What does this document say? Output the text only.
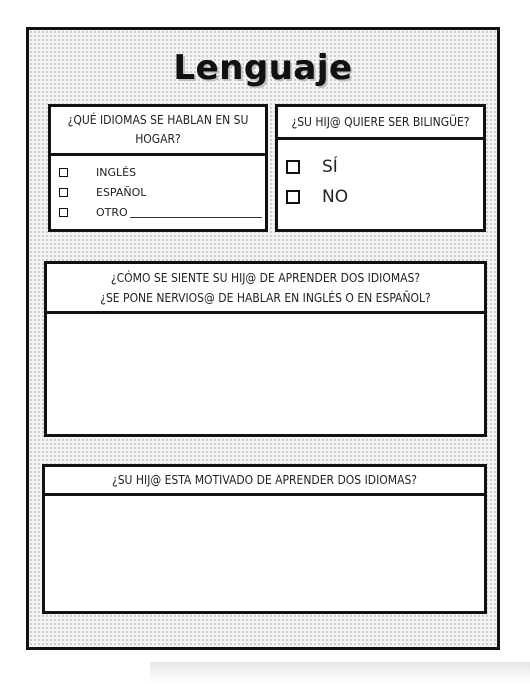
Lenguaje
¿QUÉ IDIOMAS SE HABLAN EN SU
HOGAR?
INGLÉS
ESPAÑOL
OTRO
¿SU HIJ@ QUIERE SER BILINGÜE?
SÍ
NO
¿CÓMO SE SIENTE SU HIJ@ DE APRENDER DOS IDIOMAS?
¿SE PONE NERVIOS@ DE HABLAR EN INGLÉS O EN ESPAÑOL?
¿SU HIJ@ ESTA MOTIVADO DE APRENDER DOS IDIOMAS?
